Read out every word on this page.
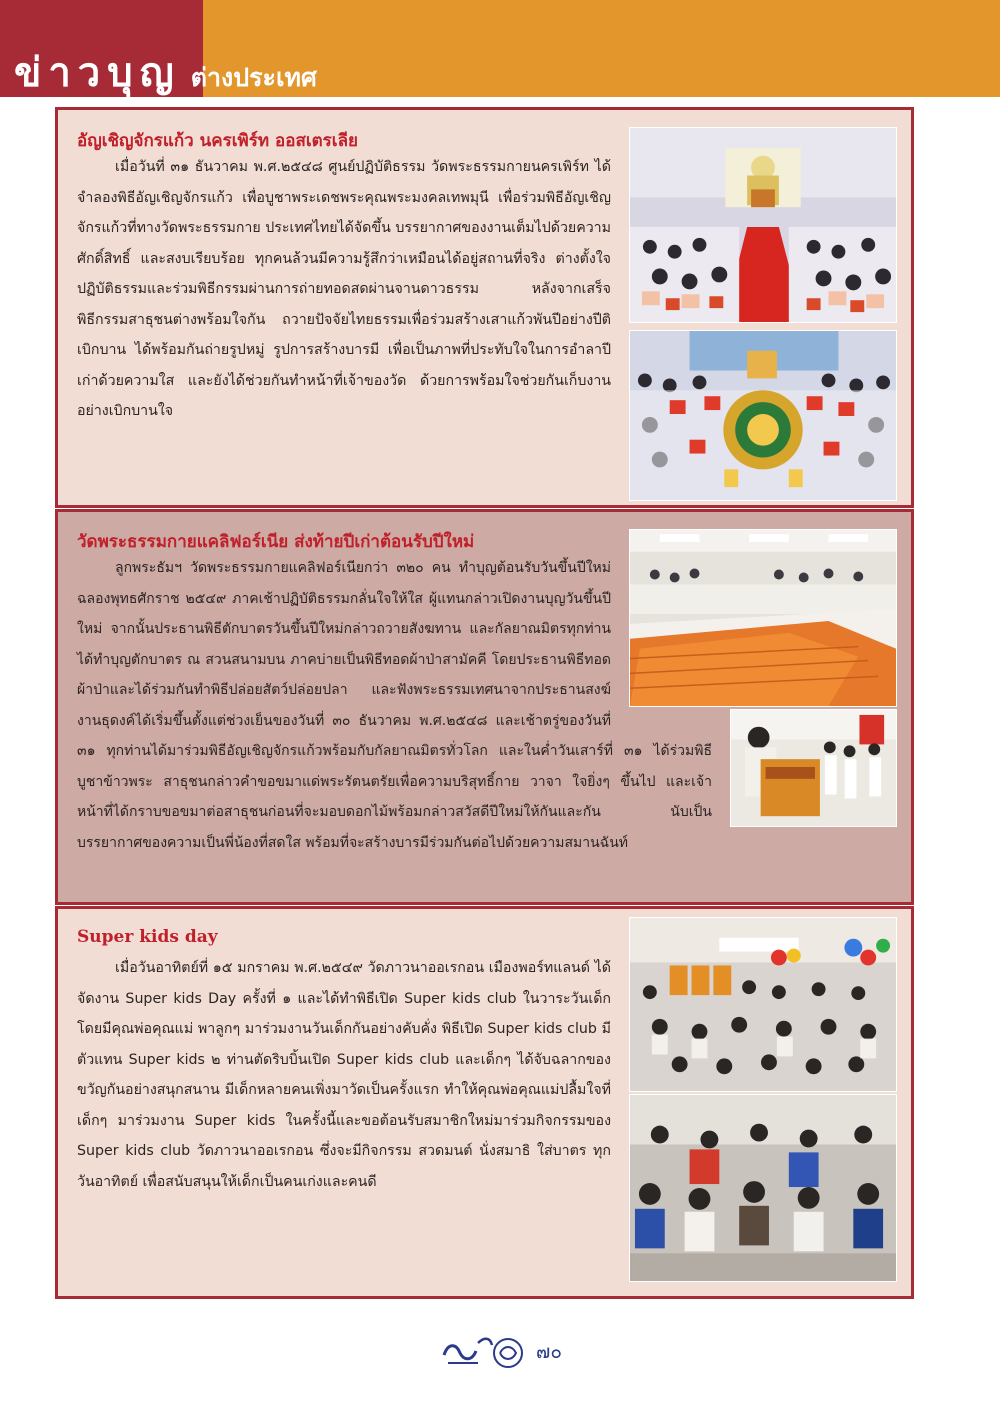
ข่าวบุญ ต่างประเทศ
อัญเชิญจักรแก้ว นครเพิร์ท ออสเตรเลีย

เมื่อวันที่ ๓๑ ธันวาคม พ.ศ.๒๕๔๘ ศูนย์ปฏิบัติธรรม วัดพระธรรมกายนครเพิร์ท ได้จำลองพิธีอัญเชิญจักรแก้ว เพื่อบูชาพระเดชพระคุณพระมงคลเทพมุนี เพื่อร่วมพิธีอัญเชิญจักรแก้วที่ทางวัดพระธรรมกาย ประเทศไทยได้จัดขึ้น บรรยากาศของงานเต็มไปด้วยความศักดิ์สิทธิ์ และสงบเรียบร้อย ทุกคนล้วนมีความรู้สึกว่าเหมือนได้อยู่สถานที่จริง ต่างตั้งใจปฏิบัติธรรมและร่วมพิธีกรรมผ่านการถ่ายทอดสดผ่านจานดาวธรรม หลังจากเสร็จพิธีกรรมสาธุชนต่างพร้อมใจกัน ถวายปัจจัยไทยธรรมเพื่อร่วมสร้างเสาแก้วพันปีอย่างปีติเบิกบาน ได้พร้อมกันถ่ายรูปหมู่ รูปการสร้างบารมี เพื่อเป็นภาพที่ประทับใจในการอำลาปีเก่าด้วยความใส และยังได้ช่วยกันทำหน้าที่เจ้าของวัด ด้วยการพร้อมใจช่วยกันเก็บงานอย่างเบิกบานใจ

วัดพระธรรมกายแคลิฟอร์เนีย ส่งท้ายปีเก่าต้อนรับปีใหม่

ลูกพระธัมฯ วัดพระธรรมกายแคลิฟอร์เนียกว่า ๓๒๐ คน ทำบุญต้อนรับวันขึ้นปีใหม่ ฉลองพุทธศักราช ๒๕๔๙ ภาคเช้าปฏิบัติธรรมกลั่นใจให้ใส ผู้แทนกล่าวเปิดงานบุญวันขึ้นปีใหม่ จากนั้นประธานพิธีตักบาตรวันขึ้นปีใหม่กล่าวถวายสังฆทาน และกัลยาณมิตรทุกท่านได้ทำบุญตักบาตร ณ สวนสนามบน ภาคบ่ายเป็นพิธีทอดผ้าป่าสามัคคี โดยประธานพิธีทอดผ้าป่าและได้ร่วมกันทำพิธีปล่อยสัตว์ปล่อยปลา และฟังพระธรรมเทศนาจากประธานสงฆ์ งานธุดงค์ได้เริ่มขึ้นตั้งแต่ช่วงเย็นของวันที่ ๓๐ ธันวาคม พ.ศ.๒๕๔๘ และเช้าตรู่ของวันที่ ๓๑ ทุกท่านได้มาร่วมพิธีอัญเชิญจักรแก้วพร้อมกับกัลยาณมิตรทั่วโลก และในค่ำวันเสาร์ที่ ๓๑ ได้ร่วมพิธีบูชาข้าวพระ สาธุชนกล่าวคำขอขมาแด่พระรัตนตรัยเพื่อความบริสุทธิ์กาย วาจา ใจยิ่งๆ ขึ้นไป และเจ้าหน้าที่ได้กราบขอขมาต่อสาธุชนก่อนที่จะมอบดอกไม้พร้อมกล่าวสวัสดีปีใหม่ให้กันและกัน นับเป็นบรรยากาศของความเป็นพี่น้องที่สดใส พร้อมที่จะสร้างบารมีร่วมกันต่อไปด้วยความสมานฉันท์

Super kids day

เมื่อวันอาทิตย์ที่ ๑๕ มกราคม พ.ศ.๒๕๔๙ วัดภาวนาออเรกอน เมืองพอร์ทแลนด์ ได้จัดงาน Super kids Day ครั้งที่ ๑ และได้ทำพิธีเปิด Super kids club ในวาระวันเด็ก โดยมีคุณพ่อคุณแม่ พาลูกๆ มาร่วมงานวันเด็กกันอย่างคับคั่ง พิธีเปิด Super kids club มีตัวแทน Super kids ๒ ท่านตัดริบบิ้นเปิด Super kids club และเด็กๆ ได้จับฉลากของขวัญกันอย่างสนุกสนาน มีเด็กหลายคนเพิ่งมาวัดเป็นครั้งแรก ทำให้คุณพ่อคุณแม่ปลื้มใจที่เด็กๆ มาร่วมงาน Super kids ในครั้งนี้และขอต้อนรับสมาชิกใหม่มาร่วมกิจกรรมของ Super kids club วัดภาวนาออเรกอน ซึ่งจะมีกิจกรรม สวดมนต์ นั่งสมาธิ ใส่บาตร ทุกวันอาทิตย์ เพื่อสนับสนุนให้เด็กเป็นคนเก่งและคนดี

๗๐
